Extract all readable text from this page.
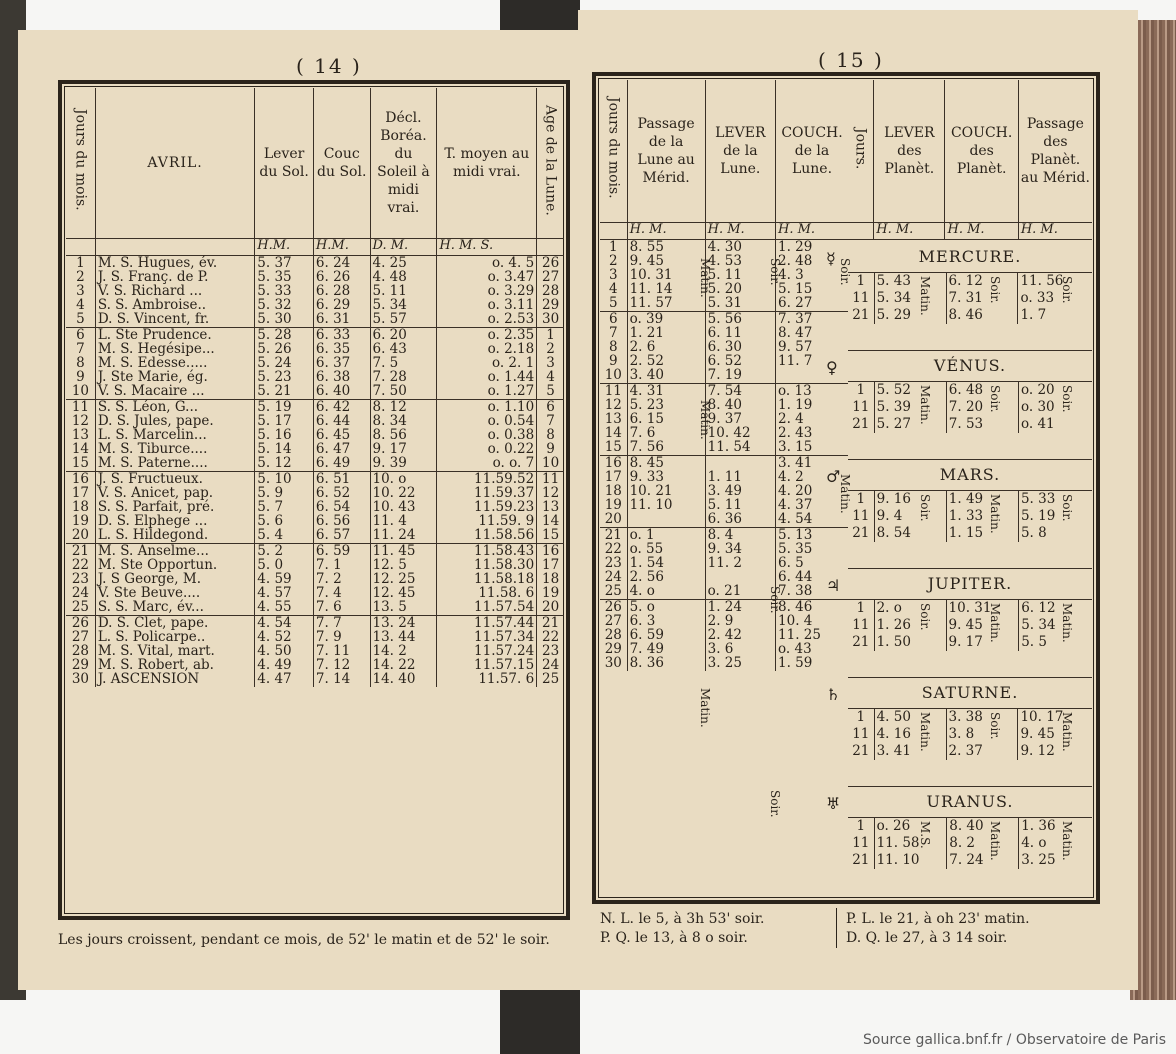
( 14 )
Jours du mois.	AVRIL.	Lever du Sol.	Couc du Sol.	Décl. Boréa. du Soleil à midi vrai.	T. moyen au midi vrai.	Age de la Lune.
		H.M.	H.M.	D. M.	H. M. S.	
1	M. S. Hugues, év.	5. 37	6. 24	4. 25	o. 4. 5	26
2	J. S. Franç. de P.	5. 35	6. 26	4. 48	o. 3.47	27
3	V. S. Richard ...	5. 33	6. 28	5. 11	o. 3.29	28
4	S. S. Ambroise..	5. 32	6. 29	5. 34	o. 3.11	29
5	D. S. Vincent, fr.	5. 30	6. 31	5. 57	o. 2.53	30
6	L. Ste Prudence.	5. 28	6. 33	6. 20	o. 2.35	1
7	M. S. Hegésipe...	5. 26	6. 35	6. 43	o. 2.18	2
8	M. S. Edesse.....	5. 24	6. 37	7. 5	o. 2. 1	3
9	J. Ste Marie, ég.	5. 23	6. 38	7. 28	o. 1.44	4
10	V. S. Macaire ...	5. 21	6. 40	7. 50	o. 1.27	5
11	S. S. Léon, G...	5. 19	6. 42	8. 12	o. 1.10	6
12	D. S. Jules, pape.	5. 17	6. 44	8. 34	o. 0.54	7
13	L. S. Marcelin...	5. 16	6. 45	8. 56	o. 0.38	8
14	M. S. Tiburce....	5. 14	6. 47	9. 17	o. 0.22	9
15	M. S. Paterne....	5. 12	6. 49	9. 39	o. o. 7	10
16	J. S. Fructueux.	5. 10	6. 51	10. o	11.59.52	11
17	V. S. Anicet, pap.	5. 9	6. 52	10. 22	11.59.37	12
18	S. S. Parfait, pré.	5. 7	6. 54	10. 43	11.59.23	13
19	D. S. Elphege ...	5. 6	6. 56	11. 4	11.59. 9	14
20	L. S. Hildegond.	5. 4	6. 57	11. 24	11.58.56	15
21	M. S. Anselme...	5. 2	6. 59	11. 45	11.58.43	16
22	M. Ste Opportun.	5. 0	7. 1	12. 5	11.58.30	17
23	J. S George, M.	4. 59	7. 2	12. 25	11.58.18	18
24	V. Ste Beuve....	4. 57	7. 4	12. 45	11.58. 6	19
25	S. S. Marc, év...	4. 55	7. 6	13. 5	11.57.54	20
26	D. S. Clet, pape.	4. 54	7. 7	13. 24	11.57.44	21
27	L. S. Policarpe..	4. 52	7. 9	13. 44	11.57.34	22
28	M. S. Vital, mart.	4. 50	7. 11	14. 2	11.57.24	23
29	M. S. Robert, ab.	4. 49	7. 12	14. 22	11.57.15	24
30	J. ASCENSION	4. 47	7. 14	14. 40	11.57. 6	25
Les jours croissent, pendant ce mois, de 52' le matin et de 52' le soir.
( 15 )
Jours du mois.	Passage de la Lune au Mérid.	LEVER de la Lune.	COUCH. de la Lune.
	H. M.	H. M.	H. M.
1	8. 55	4. 30	1. 29
2	9. 45	4. 53	2. 48
3	10. 31	5. 11	4. 3
4	11. 14	5. 20	5. 15
5	11. 57	5. 31	6. 27
6	o. 39	5. 56	7. 37
7	1. 21	6. 11	8. 47
8	2. 6	6. 30	9. 57
9	2. 52	6. 52	11. 7
10	3. 40	7. 19	
11	4. 31	7. 54	o. 13
12	5. 23	8. 40	1. 19
13	6. 15	9. 37	2. 4
14	7. 6	10. 42	2. 43
15	7. 56	11. 54	3. 15
16	8. 45		3. 41
17	9. 33	1. 11	4. 2
18	10. 21	3. 49	4. 20
19	11. 10	5. 11	4. 37
20		6. 36	4. 54
21	o. 1	8. 4	5. 13
22	o. 55	9. 34	5. 35
23	1. 54	11. 2	6. 5
24	2. 56		6. 44
25	4. o	o. 21	7. 38
26	5. o	1. 24	8. 46
27	6. 3	2. 9	10. 4
28	6. 59	2. 42	11. 25
29	7. 49	3. 6	o. 43
30	8. 36	3. 25	1. 59
Matin.	Soir.	Soir.
Matin.
Matin.
Soir.
Matin.
Soir.
Jours.	LEVER des Planèt.	COUCH. des Planèt.	Passage des Planèt. au Mérid.
	H. M.	H. M.	H. M.
☿	MERCURE.
1	5. 43	6. 12	11. 56
11	5. 34	7. 31	o. 33
21	5. 29	8. 46	1. 7
Matin.	Soir.	Soir.
♀	VÉNUS.
1	5. 52	6. 48	o. 20
11	5. 39	7. 20	o. 30
21	5. 27	7. 53	o. 41
Matin.	Soir.	Soir.
♂	MARS.
1	9. 16	1. 49	5. 33
11	9. 4	1. 33	5. 19
21	8. 54	1. 15	5. 8
Soir.	Matin.	Soir.
♃	JUPITER.
1	2. o	10. 31	6. 12
11	1. 26	9. 45	5. 34
21	1. 50	9. 17	5. 5
Soir.	Matin.	Matin.
♄	SATURNE.
1	4. 50	3. 38	10. 17
11	4. 16	3. 8	9. 45
21	3. 41	2. 37	9. 12
Matin.	Soir.	Matin.
♅	URANUS.
1	o. 26	8. 40	1. 36
11	11. 58	8. 2	4. o
21	11. 10	7. 24	3. 25
M.S.	Matin.	Matin.
N. L. le 5, à 3h 53' soir.
P. Q. le 13, à 8 o soir.
P. L. le 21, à oh 23' matin.
D. Q. le 27, à 3 14 soir.
Source gallica.bnf.fr / Observatoire de Paris
